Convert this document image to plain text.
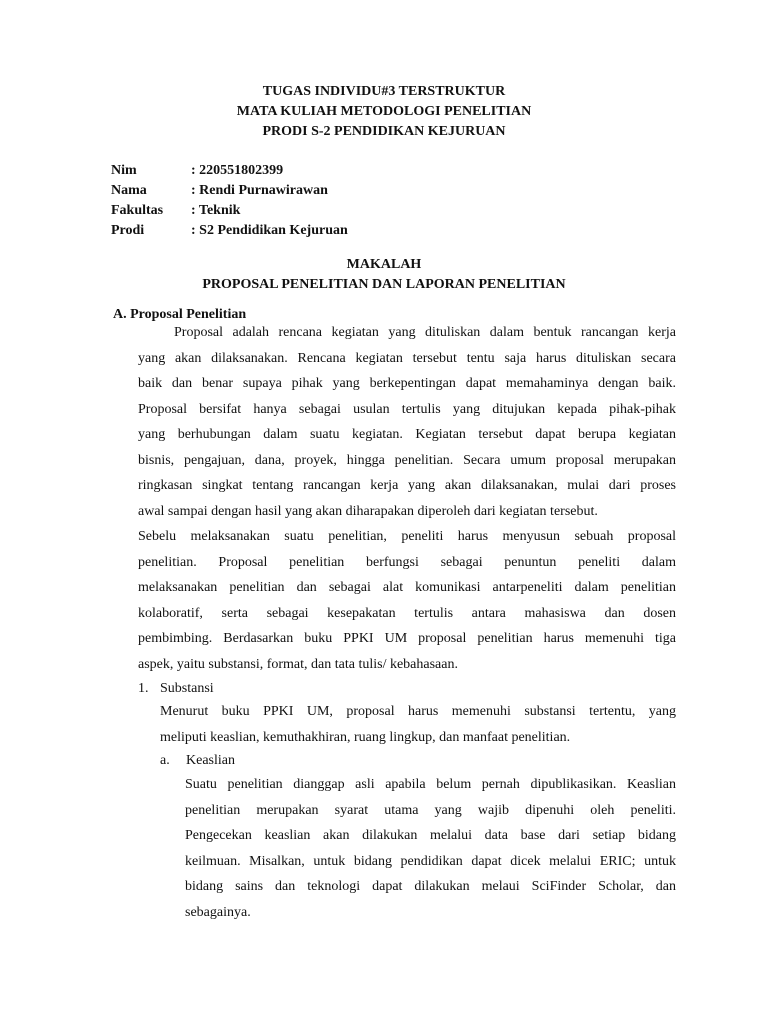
TUGAS INDIVIDU#3 TERSTRUKTUR
MATA KULIAH METODOLOGI PENELITIAN
PRODI S-2 PENDIDIKAN KEJURUAN
Nim	: 220551802399
Nama	: Rendi Purnawirawan
Fakultas	: Teknik
Prodi	: S2 Pendidikan Kejuruan
MAKALAH
PROPOSAL PENELITIAN DAN LAPORAN PENELITIAN
A. Proposal Penelitian
Proposal adalah rencana kegiatan yang dituliskan dalam bentuk rancangan kerja
yang akan dilaksanakan. Rencana kegiatan tersebut tentu saja harus dituliskan secara
baik dan benar supaya pihak yang berkepentingan dapat memahaminya dengan baik.
Proposal bersifat hanya sebagai usulan tertulis yang ditujukan kepada pihak-pihak
yang berhubungan dalam suatu kegiatan. Kegiatan tersebut dapat berupa kegiatan
bisnis, pengajuan, dana, proyek, hingga penelitian. Secara umum proposal merupakan
ringkasan singkat tentang rancangan kerja yang akan dilaksanakan, mulai dari proses
awal sampai dengan hasil yang akan diharapakan diperoleh dari kegiatan tersebut.
Sebelu melaksanakan suatu penelitian, peneliti harus menyusun sebuah proposal
penelitian. Proposal penelitian berfungsi sebagai penuntun peneliti dalam
melaksanakan penelitian dan sebagai alat komunikasi antarpeneliti dalam penelitian
kolaboratif, serta sebagai kesepakatan tertulis antara mahasiswa dan dosen
pembimbing. Berdasarkan buku PPKI UM proposal penelitian harus memenuhi tiga
aspek, yaitu substansi, format, dan tata tulis/ kebahasaan.
1. Substansi
Menurut buku PPKI UM, proposal harus memenuhi substansi tertentu, yang
meliputi keaslian, kemuthakhiran, ruang lingkup, dan manfaat penelitian.
a. Keaslian
Suatu penelitian dianggap asli apabila belum pernah dipublikasikan. Keaslian
penelitian merupakan syarat utama yang wajib dipenuhi oleh peneliti.
Pengecekan keaslian akan dilakukan melalui data base dari setiap bidang
keilmuan. Misalkan, untuk bidang pendidikan dapat dicek melalui ERIC; untuk
bidang sains dan teknologi dapat dilakukan melaui SciFinder Scholar, dan
sebagainya.
